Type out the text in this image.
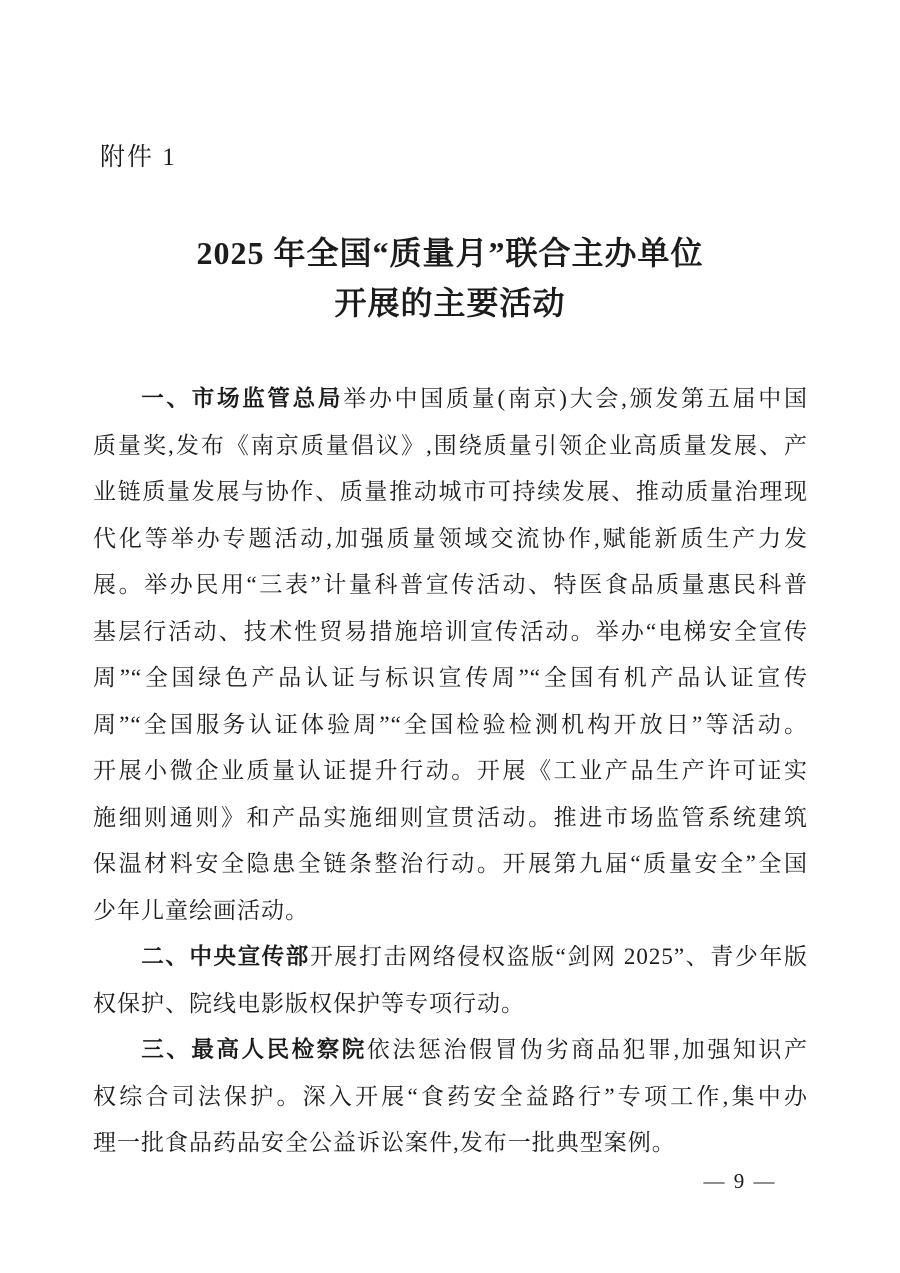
附件 1
2025 年全国“质量月”联合主办单位
开展的主要活动
一、市场监管总局举办中国质量(南京)大会,颁发第五届中国
质量奖,发布《南京质量倡议》,围绕质量引领企业高质量发展、产
业链质量发展与协作、质量推动城市可持续发展、推动质量治理现
代化等举办专题活动,加强质量领域交流协作,赋能新质生产力发
展。举办民用“三表”计量科普宣传活动、特医食品质量惠民科普
基层行活动、技术性贸易措施培训宣传活动。举办“电梯安全宣传
周”“全国绿色产品认证与标识宣传周”“全国有机产品认证宣传
周”“全国服务认证体验周”“全国检验检测机构开放日”等活动。
开展小微企业质量认证提升行动。开展《工业产品生产许可证实
施细则通则》和产品实施细则宣贯活动。推进市场监管系统建筑
保温材料安全隐患全链条整治行动。开展第九届“质量安全”全国
少年儿童绘画活动。
二、中央宣传部开展打击网络侵权盗版“剑网 2025”、青少年版
权保护、院线电影版权保护等专项行动。
三、最高人民检察院依法惩治假冒伪劣商品犯罪,加强知识产
权综合司法保护。深入开展“食药安全益路行”专项工作,集中办
理一批食品药品安全公益诉讼案件,发布一批典型案例。
— 9 —
